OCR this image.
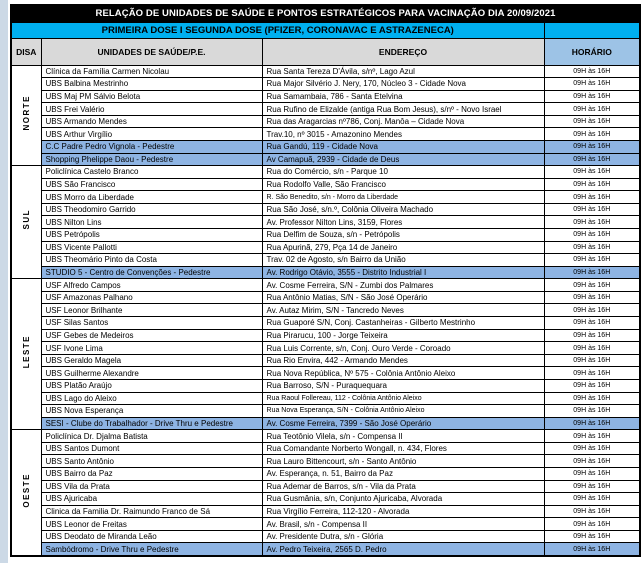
RELAÇÃO DE UNIDADES DE SAÚDE E PONTOS ESTRATÉGICOS PARA VACINAÇÃO DIA 20/09/2021			
PRIMEIRA DOSE I SEGUNDA DOSE (PFIZER, CORONAVAC E ASTRAZENECA)			
DISA	UNIDADES DE SAÚDE/P.E.	ENDEREÇO	HORÁRIO
NORTE	Clínica da Família Carmen Nicolau	Rua Santa Tereza D'Ávila, s/nº, Lago Azul	09H às 16H
	UBS Balbina Mestrinho	Rua Major Silvério J. Nery, 170, Núcleo 3 - Cidade Nova	09H às 16H
	UBS Maj PM Sálvio Belota	Rua Samambaia, 786 - Santa Etelvina	09H às 16H
	UBS Frei Valério	Rua Rufino de Elizalde (antiga Rua Bom Jesus), s/nº - Novo Israel	09H às 16H
	UBS Armando Mendes	Rua das Aragarcias nº786, Conj. Manôa – Cidade Nova	09H às 16H
	UBS Arthur Virgílio	Trav.10, nº 3015 - Amazonino Mendes	09H às 16H
	C.C Padre Pedro Vignola - Pedestre	Rua Gandú, 119 - Cidade Nova	09H às 16H
	Shopping Phelippe Daou - Pedestre	Av Camapuã, 2939 - Cidade de Deus	09H às 16H
SUL	Policlínica Castelo Branco	Rua do Comércio, s/n - Parque 10	09H às 16H
	UBS São Francisco	Rua Rodolfo Valle, São Francisco	09H às 16H
	UBS Morro da Liberdade	R. São Benedito, s/n - Morro da Liberdade	09H às 16H
	UBS Theodomiro Garrido	Rua São José, s/n.º, Colônia Oliveira Machado	09H às 16H
	UBS Nilton Lins	Av. Professor Nilton Lins, 3159, Flores	09H às 16H
	UBS Petrópolis	Rua Delfim de Souza, s/n - Petrópolis	09H às 16H
	UBS Vicente Pallotti	Rua Apurinã, 279, Pça 14 de Janeiro	09H às 16H
	UBS Theomário Pinto da Costa	Trav. 02 de Agosto, s/n Bairro da União	09H às 16H
	STUDIO 5 - Centro de Convenções - Pedestre	Av. Rodrigo Otávio, 3555 - Distrito Industrial I	09H às 16H
LESTE	USF Alfredo Campos	Av. Cosme Ferreira, S/N - Zumbi dos Palmares	09H às 16H
	USF Amazonas Palhano	Rua Antônio Matias, S/N - São José Operário	09H às 16H
	USF Leonor Brilhante	Av. Autaz Mirim, S/N - Tancredo Neves	09H às 16H
	USF Silas Santos	Rua Guaporé S/N, Conj. Castanheiras - Gilberto Mestrinho	09H às 16H
	USF Gebes de Medeiros	Rua Pirarucu, 100 - Jorge Teixeira	09H às 16H
	USF Ivone Lima	Rua Luis Corrente, s/n, Conj. Ouro Verde - Coroado	09H às 16H
	UBS Geraldo Magela	Rua Rio Envira, 442 - Armando Mendes	09H às 16H
	UBS Guilherme Alexandre	Rua Nova República, Nº 575 - Colônia Antônio Aleixo	09H às 16H
	UBS Platão Araújo	Rua Barroso, S/N - Puraquequara	09H às 16H
	UBS Lago do Aleixo	Rua Raoul Follereau, 112 - Colônia Antônio Aleixo	09H às 16H
	UBS Nova Esperança	Rua Nova Esperança, S/N - Colônia Antônio Aleixo	09H às 16H
	SESI - Clube do Trabalhador - Drive Thru e Pedestre	Av. Cosme Ferreira, 7399 - São José Operário	09H às 16H
OESTE	Policlínica Dr. Djalma Batista	Rua Teotônio Vilela, s/n - Compensa II	09H às 16H
	UBS Santos Dumont	Rua Comandante Norberto Wongall, n. 434, Flores	09H às 16H
	UBS Santo Antônio	Rua Lauro Bittencourt, s/n - Santo Antônio	09H às 16H
	UBS Bairro da Paz	Av. Esperança, n. 51, Bairro da Paz	09H às 16H
	UBS Vila da Prata	Rua Ademar de Barros, s/n - Vila da Prata	09H às 16H
	UBS Ajuricaba	Rua Gusmânia, s/n, Conjunto Ajuricaba, Alvorada	09H às 16H
	Clinica da Familia Dr. Raimundo Franco de Sá	Rua Virgílio Ferreira, 112-120 - Alvorada	09H às 16H
	UBS Leonor de Freitas	Av. Brasil, s/n - Compensa II	09H às 16H
	UBS Deodato de Miranda Leão	Av. Presidente Dutra, s/n - Glória	09H às 16H
	Sambódromo - Drive Thru e Pedestre	Av. Pedro Teixeira, 2565 D. Pedro	09H às 16H
